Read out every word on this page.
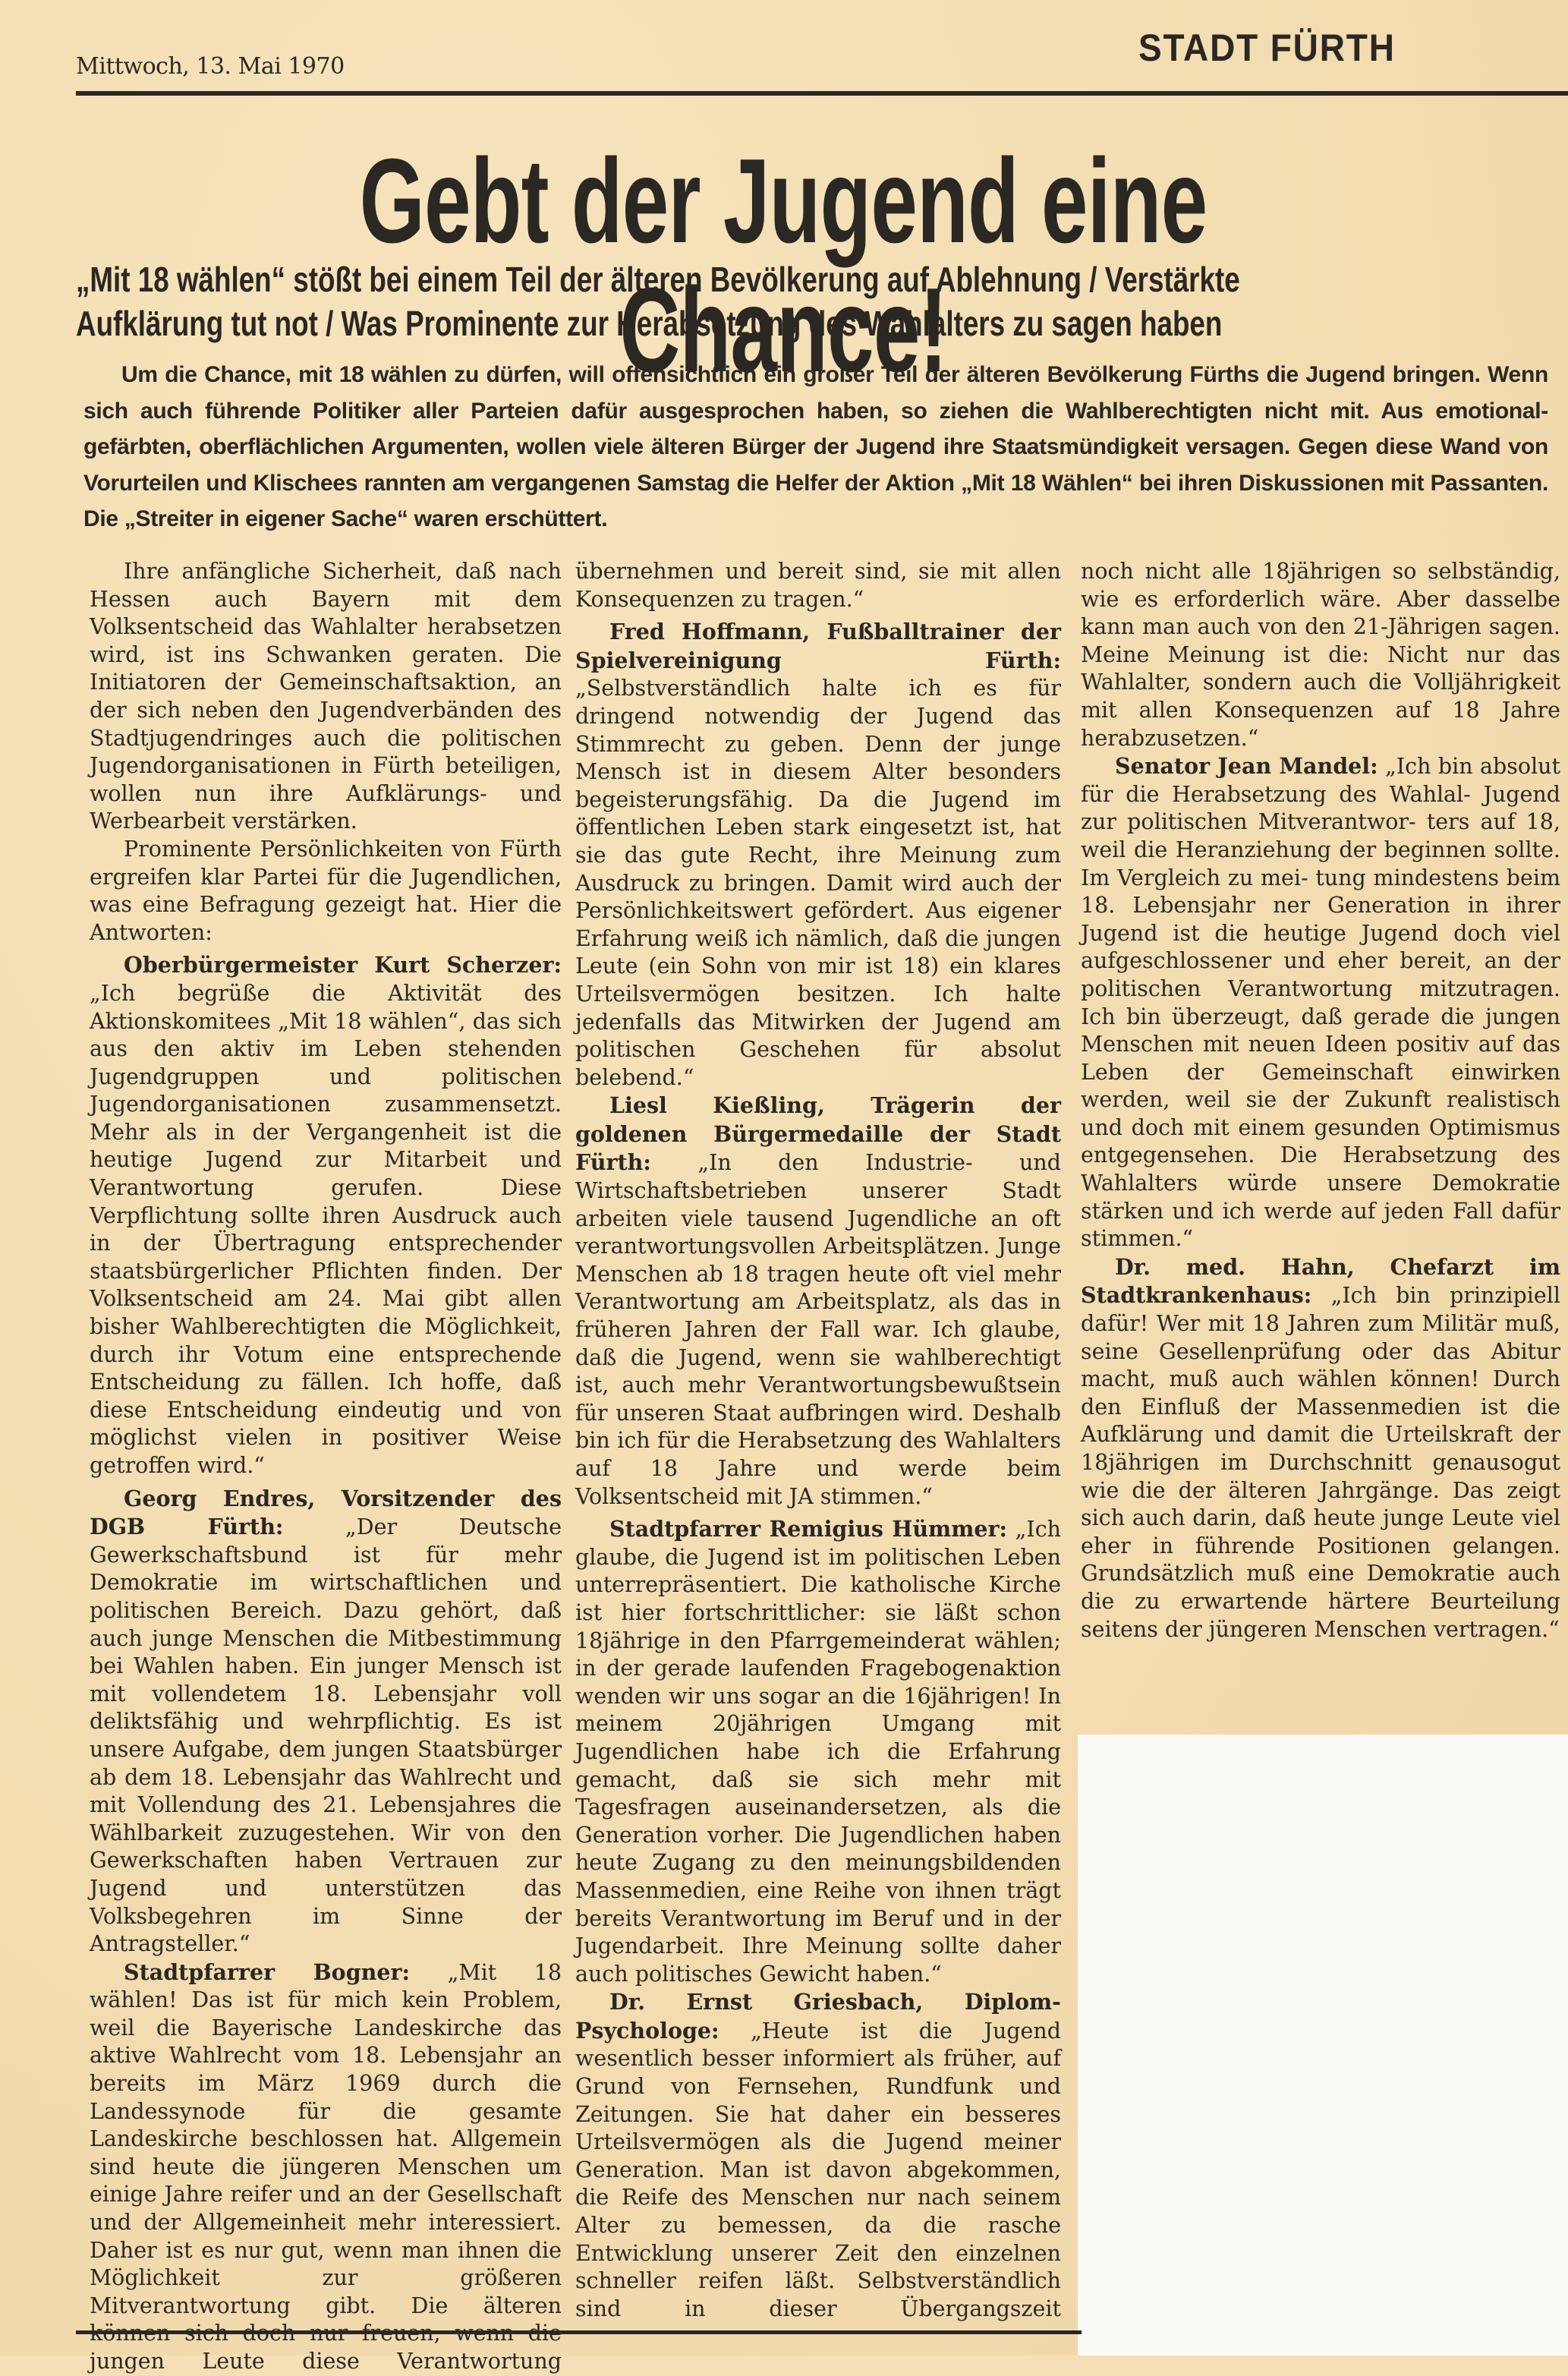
Mittwoch, 13. Mai 1970	STADT FÜRTH
Gebt der Jugend eine Chance!
„Mit 18 wählen“ stößt bei einem Teil der älteren Bevölkerung auf Ablehnung / Verstärkte
Aufklärung tut not / Was Prominente zur Herabsetzung des Wahlalters zu sagen haben
Um die Chance, mit 18 wählen zu dürfen, will offensichtlich ein großer Teil der älteren Bevölkerung Fürths die Jugend bringen. Wenn sich auch führende Politiker aller Parteien dafür ausgesprochen haben, so ziehen die Wahlberechtigten nicht mit. Aus emotional-gefärbten, oberflächlichen Argumenten, wollen viele älteren Bürger der Jugend ihre Staatsmündigkeit versagen. Gegen diese Wand von Vorurteilen und Klischees rannten am vergangenen Samstag die Helfer der Aktion „Mit 18 Wählen“ bei ihren Diskussionen mit Passanten. Die „Streiter in eigener Sache“ waren erschüttert.

Ihre anfängliche Sicherheit, daß nach Hessen auch Bayern mit dem Volksentscheid das Wahlalter herabsetzen wird, ist ins Schwanken geraten. Die Initiatoren der Gemeinschaftsaktion, an der sich neben den Jugendverbänden des Stadtjugendringes auch die politischen Jugendorganisationen in Fürth beteiligen, wollen nun ihre Aufklärungs- und Werbearbeit verstärken.

Prominente Persönlichkeiten von Fürth ergreifen klar Partei für die Jugendlichen, was eine Befragung gezeigt hat. Hier die Antworten:

Oberbürgermeister Kurt Scherzer: „Ich begrüße die Aktivität des Aktionskomitees „Mit 18 wählen“, das sich aus den aktiv im Leben stehenden Jugendgruppen und politischen Jugendorganisationen zusammensetzt. Mehr als in der Vergangenheit ist die heutige Jugend zur Mitarbeit und Verantwortung gerufen. Diese Verpflichtung sollte ihren Ausdruck auch in der Übertragung entsprechender staatsbürgerlicher Pflichten finden. Der Volksentscheid am 24. Mai gibt allen bisher Wahlberechtigten die Möglichkeit, durch ihr Votum eine entsprechende Entscheidung zu fällen. Ich hoffe, daß diese Entscheidung eindeutig und von möglichst vielen in positiver Weise getroffen wird.“

Georg Endres, Vorsitzender des DGB Fürth:	„Der Deutsche Gewerkschaftsbund ist für mehr Demokratie im wirtschaftlichen und politischen Bereich. Dazu gehört, daß auch junge Menschen die Mitbestimmung bei Wahlen haben. Ein junger Mensch ist mit vollendetem 18. Lebensjahr voll deliktsfähig und wehrpflichtig. Es ist unsere Aufgabe, dem jungen Staatsbürger ab dem 18. Lebensjahr das Wahlrecht und mit Vollendung des 21. Lebensjahres die Wählbarkeit zuzugestehen. Wir von den Gewerkschaften haben Vertrauen zur Jugend und unterstützen das Volksbegehren im Sinne der Antragsteller.“

Stadtpfarrer Bogner: „Mit 18 wählen! Das ist für mich kein Problem, weil die Bayerische Landeskirche das aktive Wahlrecht vom 18. Lebensjahr an bereits im März 1969 durch die Landessynode für die gesamte Landeskirche beschlossen hat. Allgemein sind heute die jüngeren Menschen um einige Jahre reifer und an der Gesellschaft und der Allgemeinheit mehr interessiert. Daher ist es nur gut, wenn man ihnen die Möglichkeit zur größeren Mitverantwortung gibt. Die älteren jungen Leute diese Verantwortung

übernehmen und bereit sind, sie mit allen Konsequenzen zu tragen.“

Fred Hoffmann, Fußballtrainer der Spielvereinigung Fürth: „Selbstverständlich halte ich es für dringend notwendig der Jugend das Stimmrecht zu geben. Denn der junge Mensch ist in diesem Alter besonders begeisterungsfähig. Da die Jugend im öffentlichen Leben stark eingesetzt ist, hat sie das gute Recht, ihre Meinung zum Ausdruck zu bringen. Damit wird auch der Persönlichkeitswert gefördert. Aus eigener Erfahrung weiß ich nämlich, daß die jungen Leute (ein Sohn von mir ist 18) ein klares Urteilsvermögen besitzen. Ich halte jedenfalls das Mitwirken der Jugend am politischen Geschehen für absolut belebend.“

Liesl Kießling, Trägerin der goldenen Bürgermedaille der Stadt Fürth: „In den Industrie- und Wirtschaftsbetrieben unserer Stadt arbeiten viele tausend Jugendliche an oft verantwortungsvollen Arbeitsplätzen. Junge Menschen ab 18 tragen heute oft viel mehr Verantwortung am Arbeitsplatz, als das in früheren Jahren der Fall war. Ich glaube, daß die Jugend, wenn sie wahlberechtigt ist, auch mehr Verantwortungsbewußtsein für unseren Staat aufbringen wird. Deshalb bin ich für die Herabsetzung des Wahlalters auf 18 Jahre und werde beim Volksentscheid mit JA stimmen.“

Stadtpfarrer Remigius Hümmer: „Ich glaube, die Jugend ist im politischen Leben unterrepräsentiert. Die katholische Kirche ist hier fortschrittlicher: sie läßt schon 18jährige in den Pfarrgemeinderat wählen; in der gerade laufenden Fragebogenaktion wenden wir uns sogar an die 16jährigen! In meinem 20jährigen Umgang mit Jugendlichen habe ich die Erfahrung gemacht, daß sie sich mehr mit Tagesfragen auseinandersetzen, als die Generation vorher. Die Jugendlichen haben heute Zugang zu den meinungsbildenden Massenmedien, eine Reihe von ihnen trägt bereits Verantwortung im Beruf und in der Jugendarbeit. Ihre Meinung sollte daher auch politisches Gewicht haben.“

Dr. Ernst Griesbach, Diplom-Psychologe: „Heute ist die Jugend wesentlich besser informiert als früher, auf Grund von Fernsehen, Rundfunk und Zeitungen. Sie hat daher ein besseres Urteilsvermögen als die Jugend meiner Generation. Man ist davon abgekommen, die Reife des Menschen nur nach seinem Alter zu bemessen, da die rasche Entwicklung unserer Zeit den einzelnen schneller reifen läßt. Selbstverständlich sind in dieser Übergangszeit

noch nicht alle 18jährigen so selbständig, wie es erforderlich wäre. Aber dasselbe kann man auch von den 21-Jährigen sagen. Meine Meinung ist die: Nicht nur das Wahlalter, sondern auch die Volljährigkeit mit allen Konsequenzen auf 18 Jahre herabzusetzen.“

Senator Jean Mandel: „Ich bin absolut für die Herabsetzung des Wahlal- Jugend zur politischen Mitverantwor- ters auf 18, weil die Heranziehung der beginnen sollte. Im Vergleich zu mei- tung mindestens beim 18. Lebensjahr ner Generation in ihrer Jugend ist die heutige Jugend doch viel aufgeschlossener und eher bereit, an der politischen Verantwortung mitzutragen. Ich bin überzeugt, daß gerade die jungen Menschen mit neuen Ideen positiv auf das Leben der Gemeinschaft einwirken werden, weil sie der Zukunft realistisch und doch mit einem gesunden Optimismus entgegensehen. Die Herabsetzung des Wahlalters würde unsere Demokratie stärken und ich werde auf jeden Fall dafür stimmen.“

Dr. med. Hahn, Chefarzt im Stadtkrankenhaus: „Ich bin prinzipiell dafür! Wer mit 18 Jahren zum Militär muß, seine Gesellenprüfung oder das Abitur macht, muß auch wählen können! Durch den Einfluß der Massenmedien ist die Aufklärung und damit die Urteilskraft der 18jährigen im Durchschnitt genausogut wie die der älteren Jahrgänge. Das zeigt sich auch darin, daß heute junge Leute viel eher in führende Positionen gelangen. Grundsätzlich muß eine Demokratie auch die zu erwartende härtere Beurteilung seitens der jüngeren Menschen vertragen.“
